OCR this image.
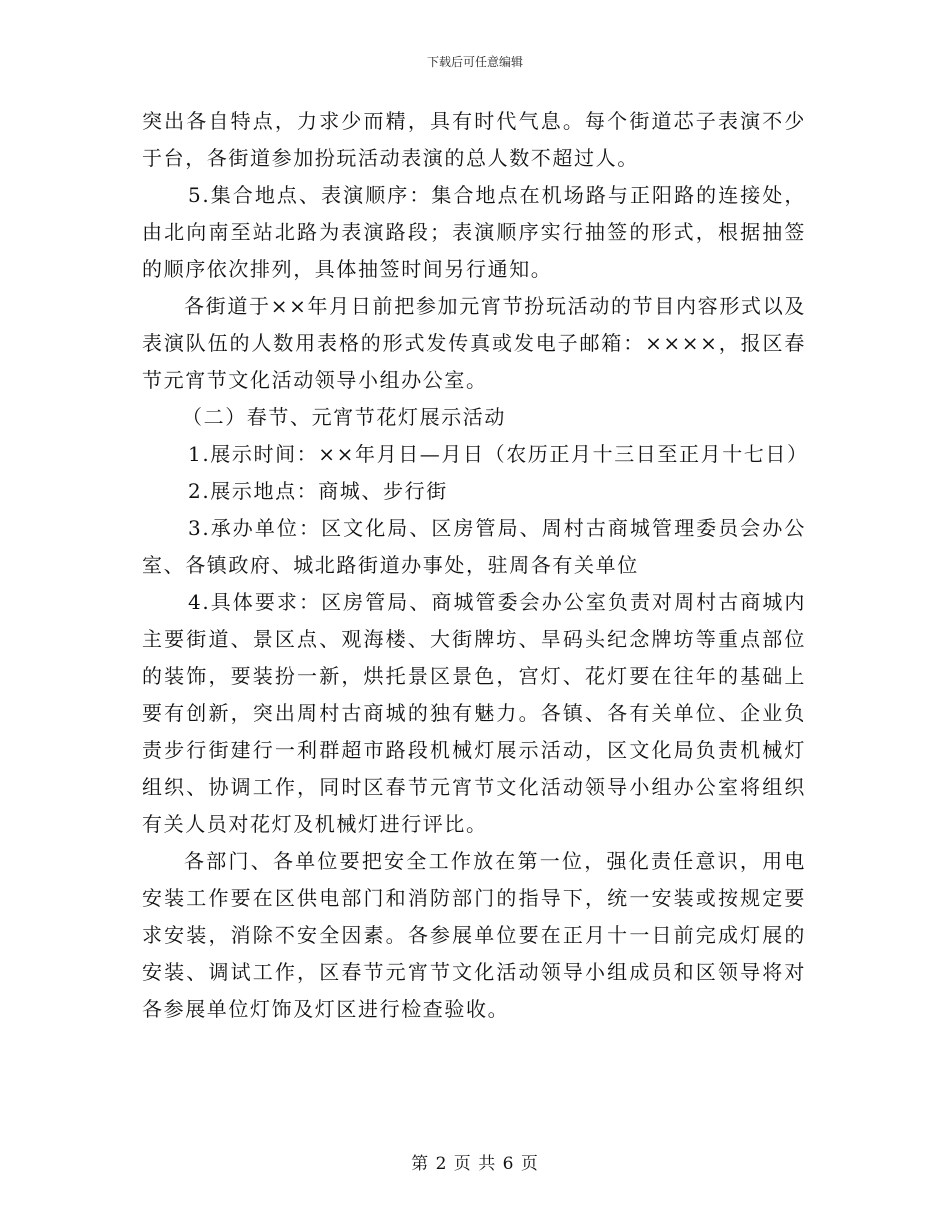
下载后可任意编辑

突出各自特点，力求少而精，具有时代气息。每个街道芯子表演不少于台，各街道参加扮玩活动表演的总人数不超过人。

5.集合地点、表演顺序：集合地点在机场路与正阳路的连接处，由北向南至站北路为表演路段；表演顺序实行抽签的形式，根据抽签的顺序依次排列，具体抽签时间另行通知。

各街道于××年月日前把参加元宵节扮玩活动的节目内容形式以及表演队伍的人数用表格的形式发传真或发电子邮箱：××××，报区春节元宵节文化活动领导小组办公室。

（二）春节、元宵节花灯展示活动

1.展示时间：××年月日—月日（农历正月十三日至正月十七日）

2.展示地点：商城、步行街

3.承办单位：区文化局、区房管局、周村古商城管理委员会办公室、各镇政府、城北路街道办事处，驻周各有关单位

4.具体要求：区房管局、商城管委会办公室负责对周村古商城内主要街道、景区点、观海楼、大街牌坊、旱码头纪念牌坊等重点部位的装饰，要装扮一新，烘托景区景色，宫灯、花灯要在往年的基础上要有创新，突出周村古商城的独有魅力。各镇、各有关单位、企业负责步行街建行一利群超市路段机械灯展示活动，区文化局负责机械灯组织、协调工作，同时区春节元宵节文化活动领导小组办公室将组织有关人员对花灯及机械灯进行评比。

各部门、各单位要把安全工作放在第一位，强化责任意识，用电安装工作要在区供电部门和消防部门的指导下，统一安装或按规定要求安装，消除不安全因素。各参展单位要在正月十一日前完成灯展的安装、调试工作，区春节元宵节文化活动领导小组成员和区领导将对各参展单位灯饰及灯区进行检查验收。

第 2 页 共 6 页
